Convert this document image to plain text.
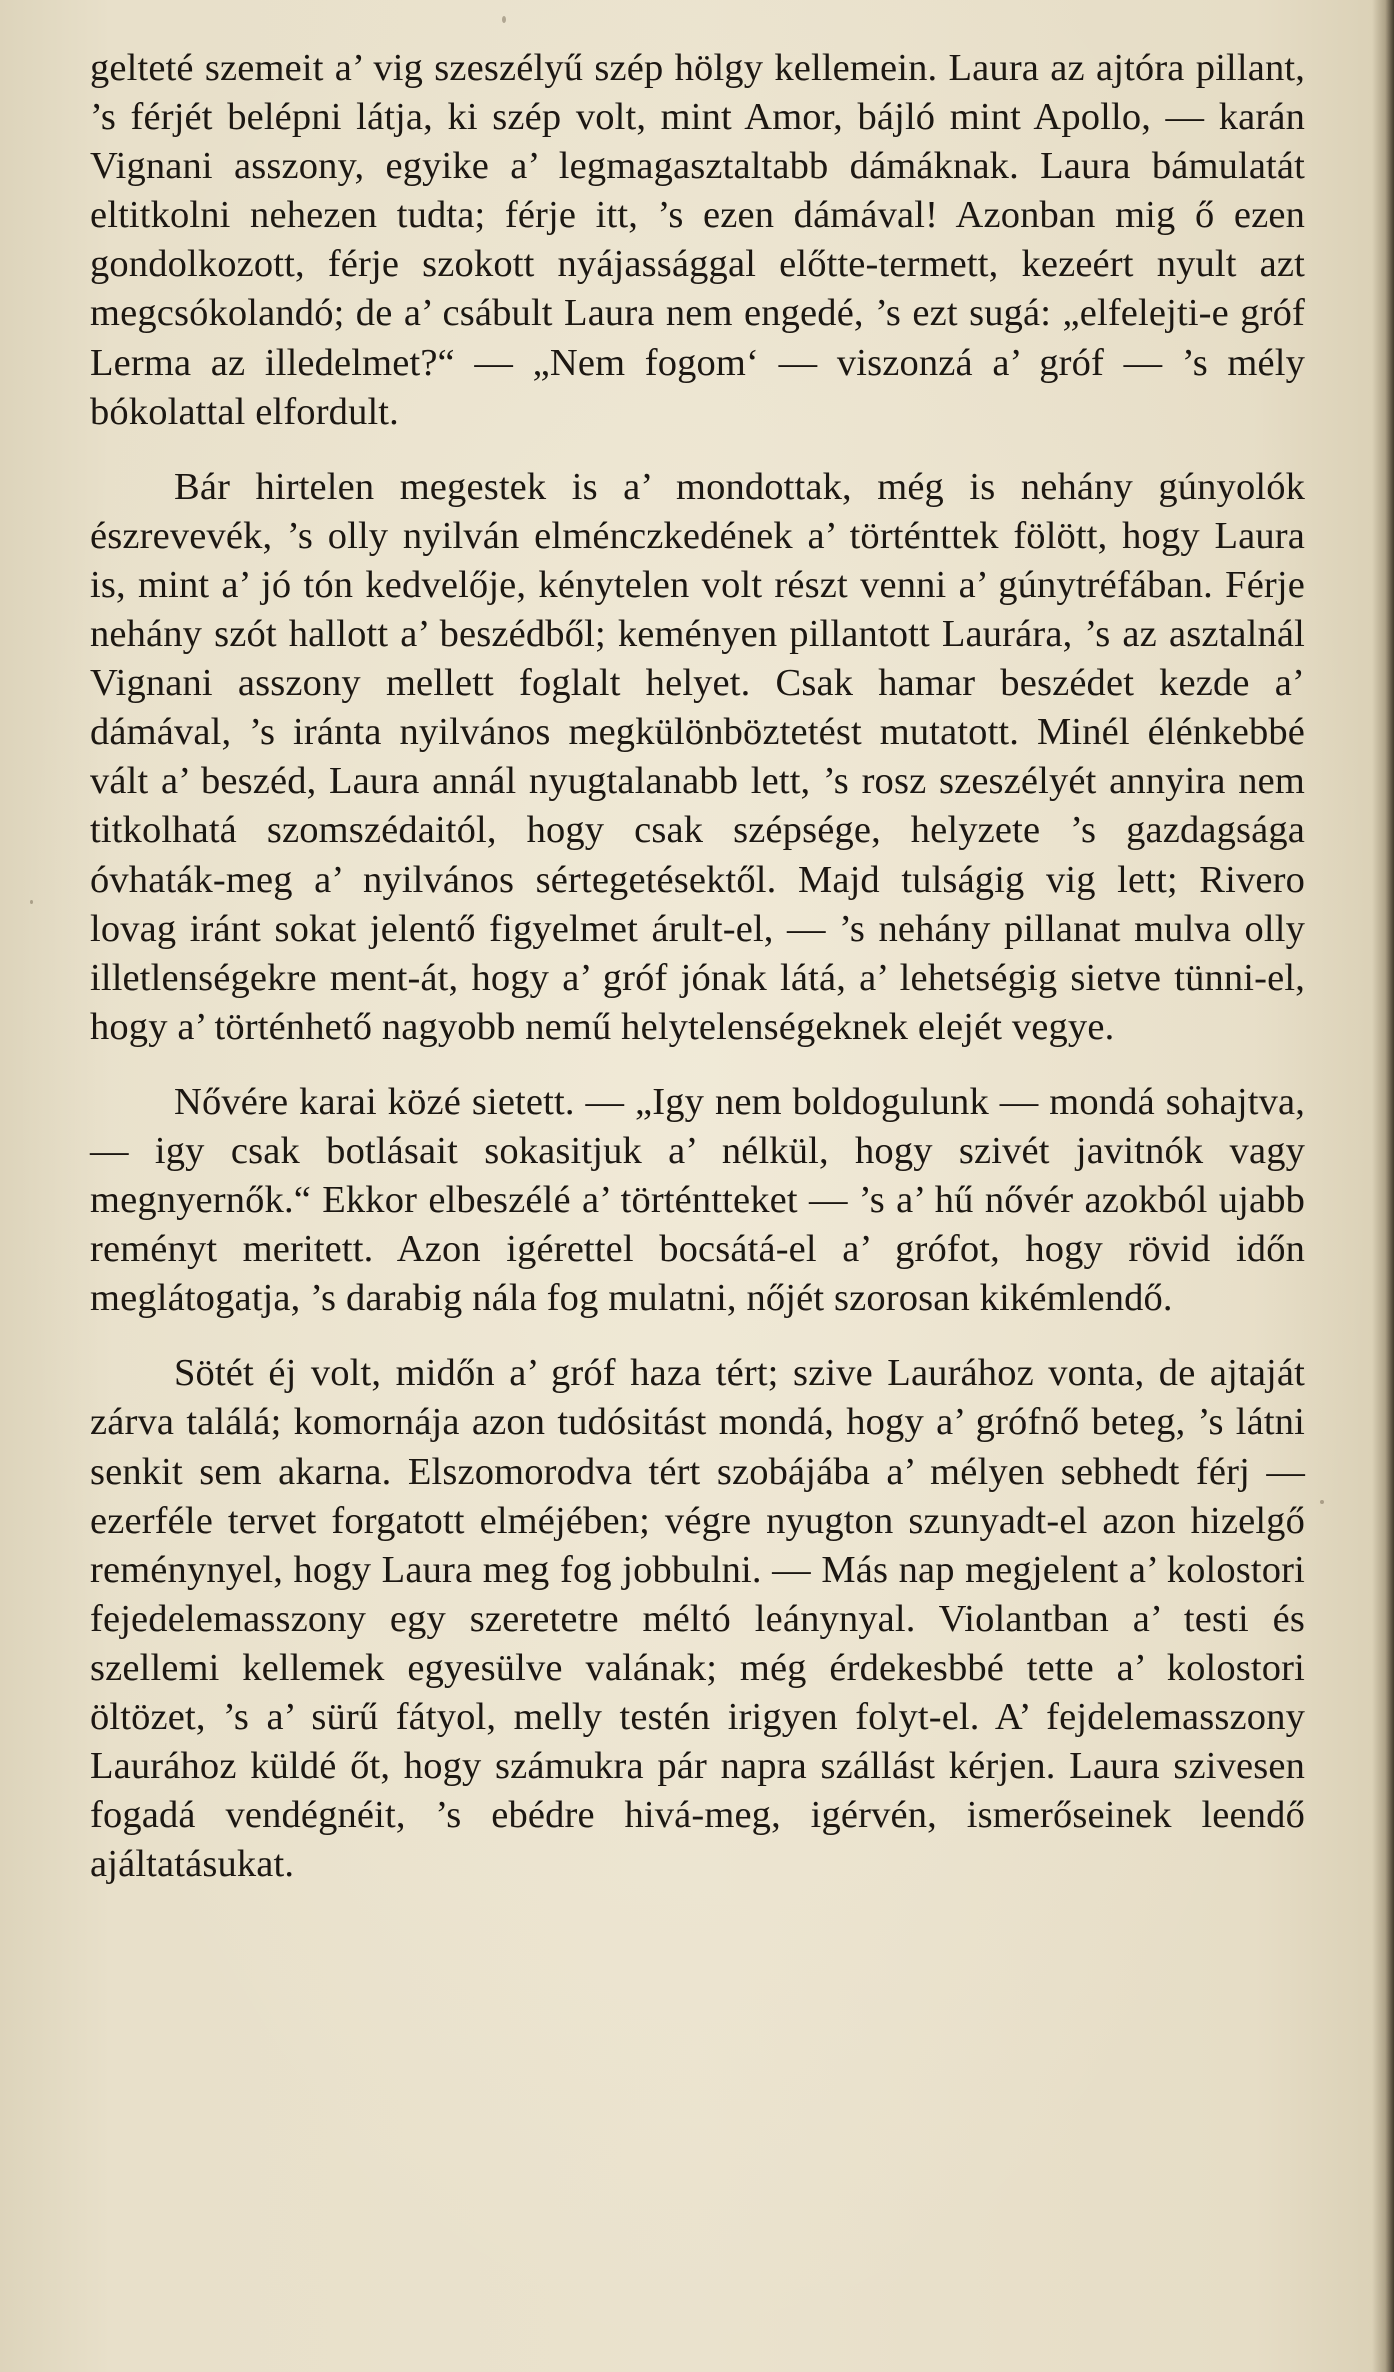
gelteté szemeit a’ vig szeszélyű szép hölgy kellemein. Laura az ajtóra pillant, ’s férjét belépni látja, ki szép volt, mint Amor, bájló mint Apollo, — karán Vignani asszony, egyike a’ legmagasztaltabb dámáknak. Laura bámulatát eltitkolni nehezen tudta; férje itt, ’s ezen dámával! Azonban mig ő ezen gondolkozott, férje szokott nyájassággal előtte-termett, kezeért nyult azt megcsókolandó; de a’ csábult Laura nem engedé, ’s ezt sugá: „elfelejti-e gróf Lerma az illedelmet?“ — „Nem fogom‘ — viszonzá a’ gróf — ’s mély bókolattal elfordult.

Bár hirtelen megestek is a’ mondottak, még is nehány gúnyolók észrevevék, ’s olly nyilván elménczkedének a’ történttek fölött, hogy Laura is, mint a’ jó tón kedvelője, kénytelen volt részt venni a’ gúnytréfában. Férje nehány szót hallott a’ beszédből; keményen pillantott Laurára, ’s az asztalnál Vignani asszony mellett foglalt helyet. Csak hamar beszédet kezde a’ dámával, ’s iránta nyilvános megkülönböztetést mutatott. Minél élénkebbé vált a’ beszéd, Laura annál nyugtalanabb lett, ’s rosz szeszélyét annyira nem titkolhatá szomszédaitól, hogy csak szépsége, helyzete ’s gazdagsága óvhaták-meg a’ nyilvános sértegetésektől. Majd tulságig vig lett; Rivero lovag iránt sokat jelentő figyelmet árult-el, — ’s nehány pillanat mulva olly illetlenségekre ment-át, hogy a’ gróf jónak látá, a’ lehetségig sietve tünni-el, hogy a’ történhető nagyobb nemű helytelenségeknek elejét vegye.

Nővére karai közé sietett. — „Igy nem boldogulunk — mondá sohajtva, — igy csak botlásait sokasitjuk a’ nélkül, hogy szivét javitnók vagy megnyernők.“ Ekkor elbeszélé a’ történtteket — ’s a’ hű nővér azokból ujabb reményt meritett. Azon igérettel bocsátá-el a’ grófot, hogy rövid időn meglátogatja, ’s darabig nála fog mulatni, nőjét szorosan kikémlendő.

Sötét éj volt, midőn a’ gróf haza tért; szive Laurához vonta, de ajtaját zárva találá; komornája azon tudósitást mondá, hogy a’ grófnő beteg, ’s látni senkit sem akarna. Elszomorodva tért szobájába a’ mélyen sebhedt férj — ezerféle tervet forgatott elméjében; végre nyugton szunyadt-el azon hizelgő reménynyel, hogy Laura meg fog jobbulni. — Más nap megjelent a’ kolostori fejedelemasszony egy szeretetre méltó leánynyal. Violantban a’ testi és szellemi kellemek egyesülve valának; még érdekesbbé tette a’ kolostori öltözet, ’s a’ sürű fátyol, melly testén irigyen folyt-el. A’ fejdelemasszony Laurához küldé őt, hogy számukra pár napra szállást kérjen. Laura szivesen fogadá vendégnéit, ’s ebédre hivá-meg, igérvén, ismerőseinek leendő ajáltatásukat.
